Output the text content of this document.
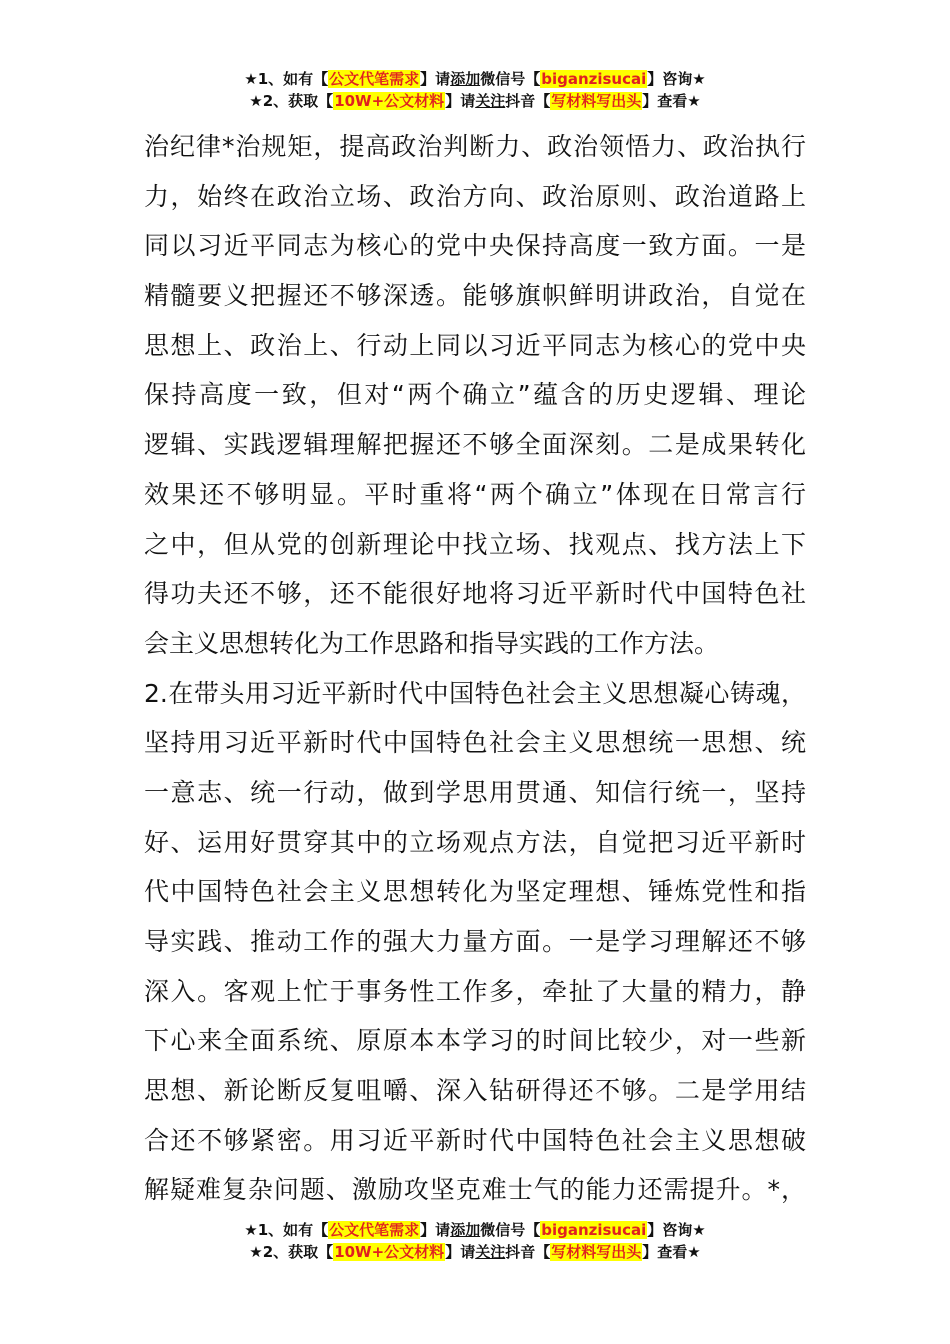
★1、如有【公文代笔需求】请添加微信号【biganzisucai】咨询★
★2、获取【10W+公文材料】请关注抖音【写材料写出头】查看★
治纪律*治规矩，提高政治判断力、政治领悟力、政治执行
力，始终在政治立场、政治方向、政治原则、政治道路上
同以习近平同志为核心的党中央保持高度一致方面。一是
精髓要义把握还不够深透。能够旗帜鲜明讲政治，自觉在
思想上、政治上、行动上同以习近平同志为核心的党中央
保持高度一致，但对“两个确立”蕴含的历史逻辑、理论
逻辑、实践逻辑理解把握还不够全面深刻。二是成果转化
效果还不够明显。平时重将“两个确立”体现在日常言行
之中，但从党的创新理论中找立场、找观点、找方法上下
得功夫还不够，还不能很好地将习近平新时代中国特色社
会主义思想转化为工作思路和指导实践的工作方法。
2.在带头用习近平新时代中国特色社会主义思想凝心铸魂，
坚持用习近平新时代中国特色社会主义思想统一思想、统
一意志、统一行动，做到学思用贯通、知信行统一，坚持
好、运用好贯穿其中的立场观点方法，自觉把习近平新时
代中国特色社会主义思想转化为坚定理想、锤炼党性和指
导实践、推动工作的强大力量方面。一是学习理解还不够
深入。客观上忙于事务性工作多，牵扯了大量的精力，静
下心来全面系统、原原本本学习的时间比较少，对一些新
思想、新论断反复咀嚼、深入钻研得还不够。二是学用结
合还不够紧密。用习近平新时代中国特色社会主义思想破
解疑难复杂问题、激励攻坚克难士气的能力还需提升。*，
★1、如有【公文代笔需求】请添加微信号【biganzisucai】咨询★
★2、获取【10W+公文材料】请关注抖音【写材料写出头】查看★
